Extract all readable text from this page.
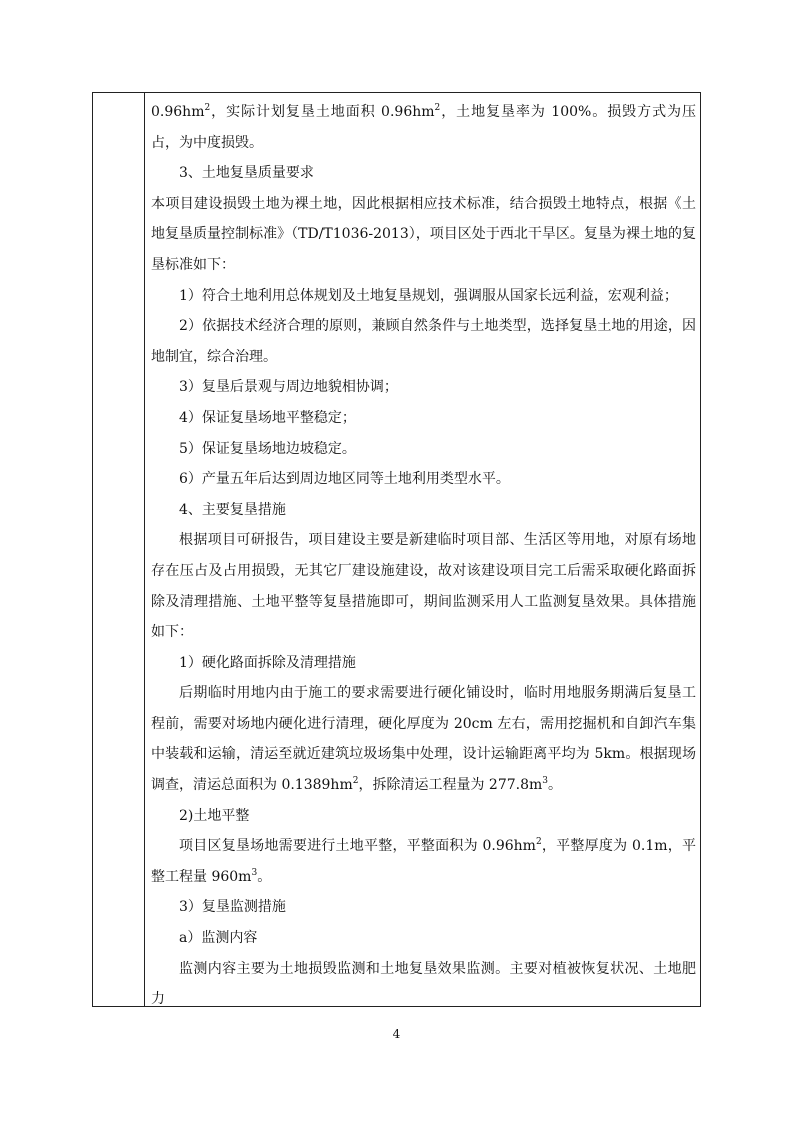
$0.96hm^2$，实际计划复垦土地面积 $0.96hm^2$，土地复垦率为 100%。损毁方式为压占，为中度损毁。

3、土地复垦质量要求

本项目建设损毁土地为裸土地，因此根据相应技术标准，结合损毁土地特点，根据《土地复垦质量控制标准》（TD/T1036-2013），项目区处于西北干旱区。复垦为裸土地的复垦标准如下：

1）符合土地利用总体规划及土地复垦规划，强调服从国家长远利益，宏观利益；

2）依据技术经济合理的原则，兼顾自然条件与土地类型，选择复垦土地的用途，因地制宜，综合治理。

3）复垦后景观与周边地貌相协调；

4）保证复垦场地平整稳定；

5）保证复垦场地边坡稳定。

6）产量五年后达到周边地区同等土地利用类型水平。

4、主要复垦措施

根据项目可研报告，项目建设主要是新建临时项目部、生活区等用地，对原有场地存在压占及占用损毁，无其它厂建设施建设，故对该建设项目完工后需采取硬化路面拆除及清理措施、土地平整等复垦措施即可，期间监测采用人工监测复垦效果。具体措施如下：

1）硬化路面拆除及清理措施

后期临时用地内由于施工的要求需要进行硬化铺设时，临时用地服务期满后复垦工程前，需要对场地内硬化进行清理，硬化厚度为 20cm 左右，需用挖掘机和自卸汽车集中装载和运输，清运至就近建筑垃圾场集中处理，设计运输距离平均为 5km。根据现场调查，清运总面积为 $0.1389hm^2$，拆除清运工程量为 $277.8m^3$。

2)土地平整

项目区复垦场地需要进行土地平整，平整面积为 $0.96hm^2$，平整厚度为 0.1m，平整工程量 $960m^3$。

3）复垦监测措施

a）监测内容

监测内容主要为土地损毁监测和土地复垦效果监测。主要对植被恢复状况、土地肥力

4
